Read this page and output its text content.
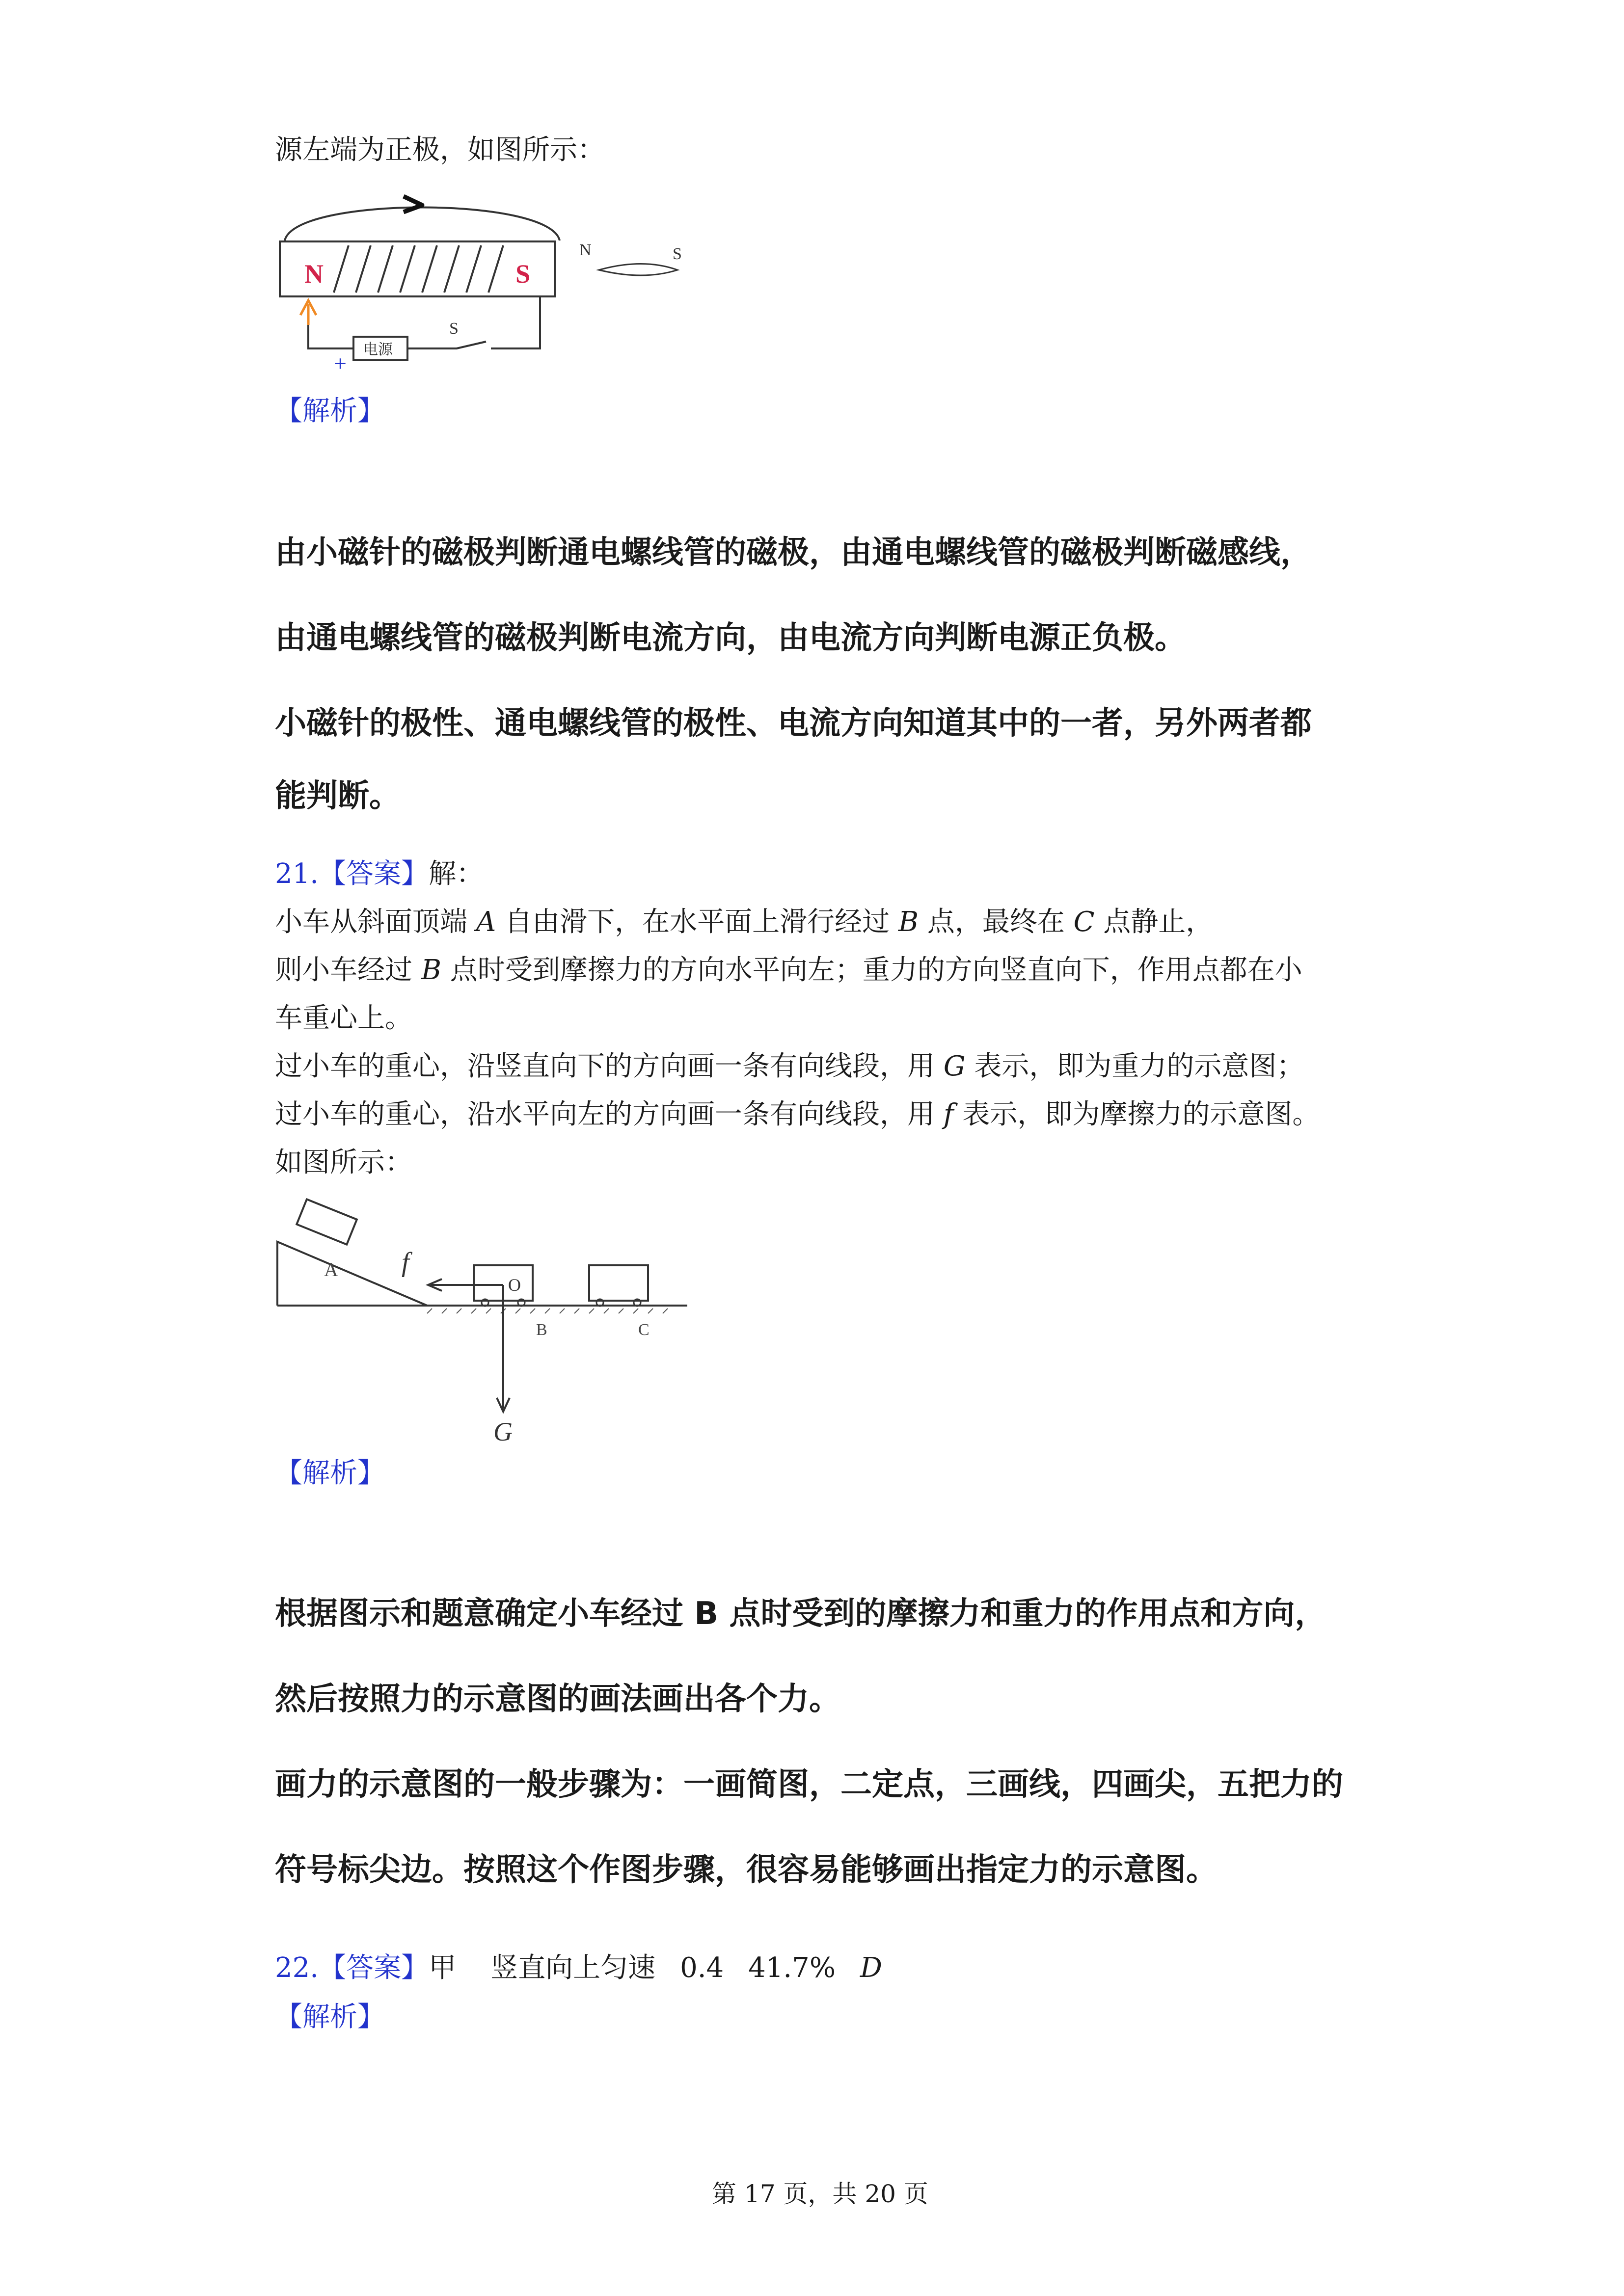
源左端为正极，如图所示：
N	S
N	S
电源
S
+
【解析】
由小磁针的磁极判断通电螺线管的磁极，由通电螺线管的磁极判断磁感线，
由通电螺线管的磁极判断电流方向，由电流方向判断电源正负极。
小磁针的极性、通电螺线管的极性、电流方向知道其中的一者，另外两者都
能判断。
21.【答案】解：
小车从斜面顶端 A 自由滑下，在水平面上滑行经过 B 点，最终在 C 点静止，
则小车经过 B 点时受到摩擦力的方向水平向左；重力的方向竖直向下，作用点都在小
车重心上。
过小车的重心，沿竖直向下的方向画一条有向线段，用 G 表示，即为重力的示意图；
过小车的重心，沿水平向左的方向画一条有向线段，用 f 表示，即为摩擦力的示意图。
如图所示：
A
O
B	C
f
G
【解析】
根据图示和题意确定小车经过 B 点时受到的摩擦力和重力的作用点和方向，
然后按照力的示意图的画法画出各个力。
画力的示意图的一般步骤为：一画简图，二定点，三画线，四画尖，五把力的
符号标尖边。按照这个作图步骤，很容易能够画出指定力的示意图。
22.【答案】甲 竖直向上匀速 0.4 41.7% D
【解析】
第 17 页，共 20 页
